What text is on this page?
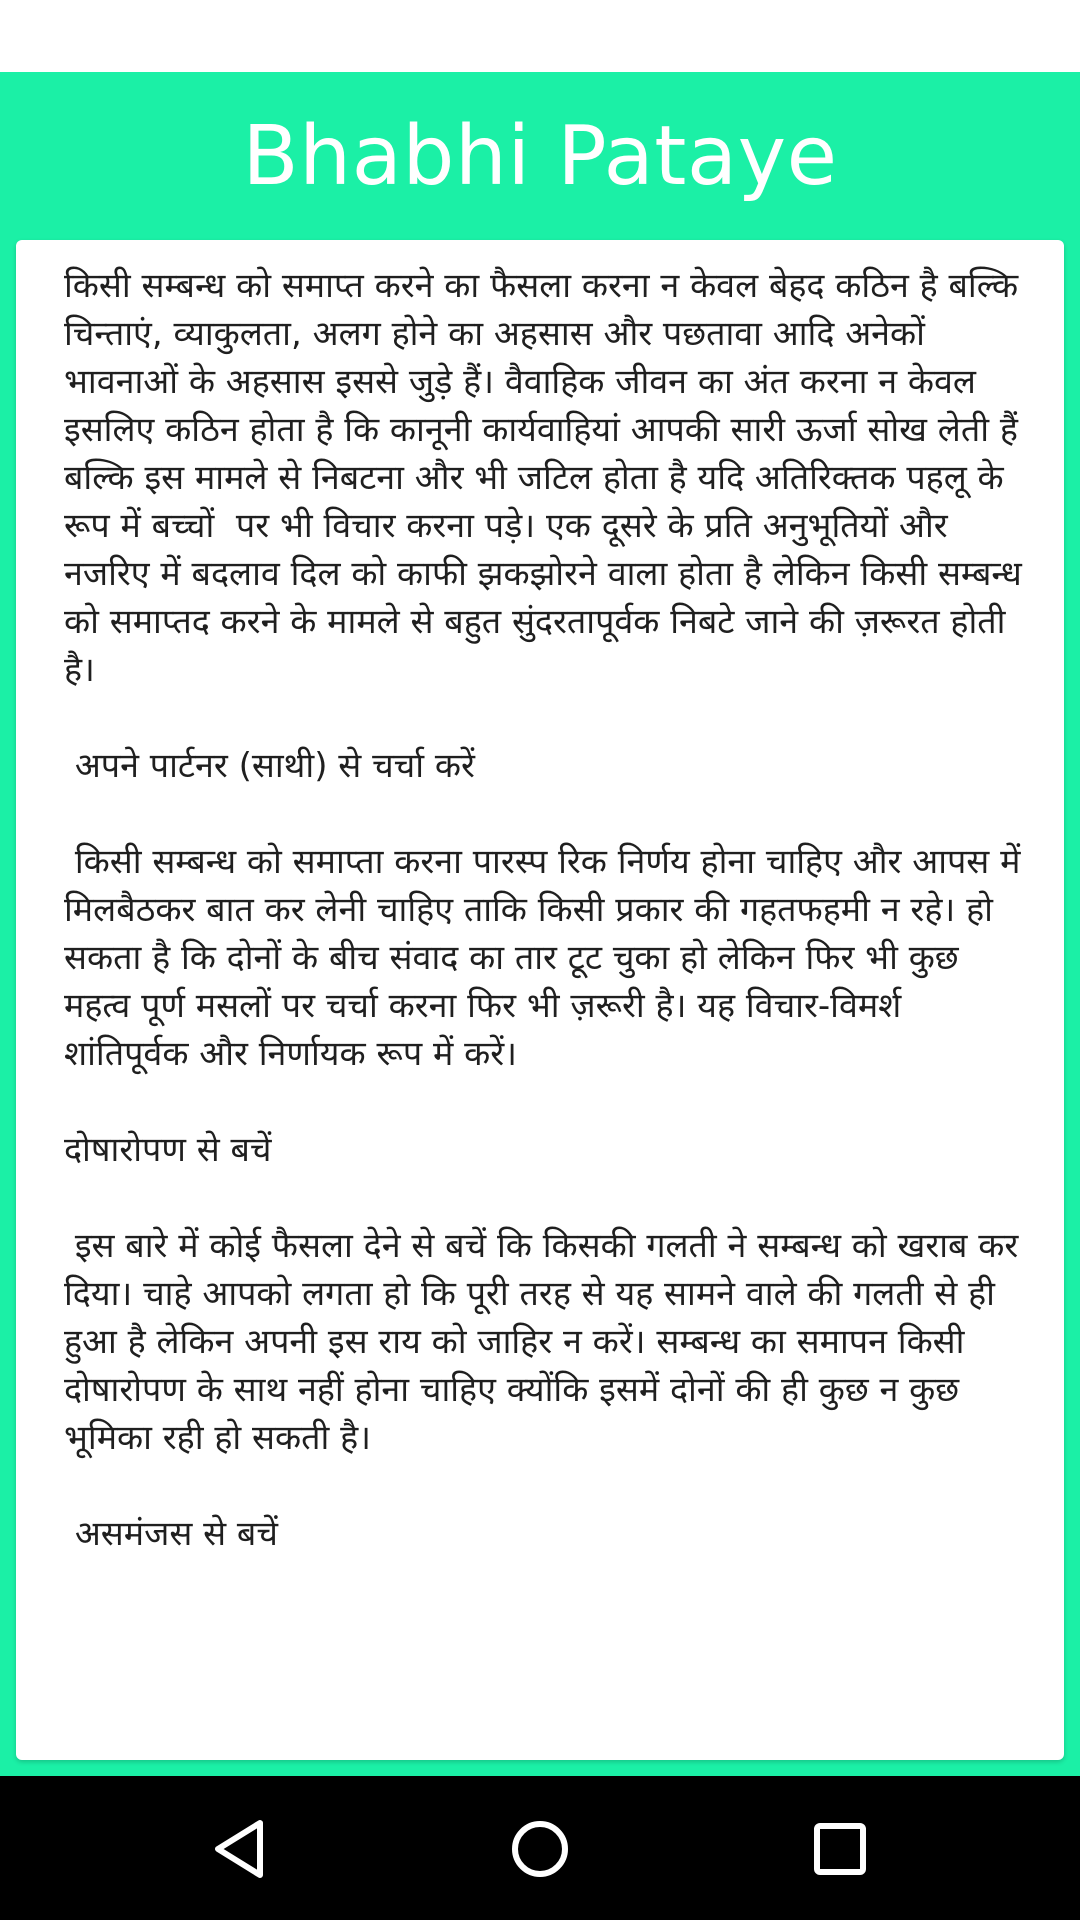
Bhabhi Pataye
किसी सम्बन्ध को समाप्त करने का फैसला करना न केवल बेहद कठिन है बल्कि चिन्ताएं, व्याकुलता, अलग होने का अहसास और पछतावा आदि अनेकों भावनाओं के अहसास इससे जुड़े हैं। वैवाहिक जीवन का अंत करना न केवल इसलिए कठिन होता है कि कानूनी कार्यवाहियां आपकी सारी ऊर्जा सोख लेती हैं बल्कि इस मामले से निबटना और भी जटिल होता है यदि अतिरिक्तक पहलू के रूप में बच्चों  पर भी विचार करना पड़े। एक दूसरे के प्रति अनुभूतियों और नजरिए में बदलाव दिल को काफी झकझोरने वाला होता है लेकिन किसी सम्बन्ध को समाप्तद करने के मामले से बहुत सुंदरतापूर्वक निबटे जाने की ज़रूरत होती है।

अपने पार्टनर (साथी) से चर्चा करें

किसी सम्बन्ध को समाप्ता करना पारस्प रिक निर्णय होना चाहिए और आपस में मिलबैठकर बात कर लेनी चाहिए ताकि किसी प्रकार की गहतफहमी न रहे। हो सकता है कि दोनों के बीच संवाद का तार टूट चुका हो लेकिन फिर भी कुछ महत्व पूर्ण मसलों पर चर्चा करना फिर भी ज़रूरी है। यह विचार-विमर्श शांतिपूर्वक और निर्णायक रूप में करें।

दोषारोपण से बचें

इस बारे में कोई फैसला देने से बचें कि किसकी गलती ने सम्बन्ध को खराब कर दिया। चाहे आपको लगता हो कि पूरी तरह से यह सामने वाले की गलती से ही हुआ है लेकिन अपनी इस राय को जाहिर न करें। सम्बन्ध का समापन किसी दोषारोपण के साथ नहीं होना चाहिए क्योंकि इसमें दोनों की ही कुछ न कुछ भूमिका रही हो सकती है।

असमंजस से बचें
